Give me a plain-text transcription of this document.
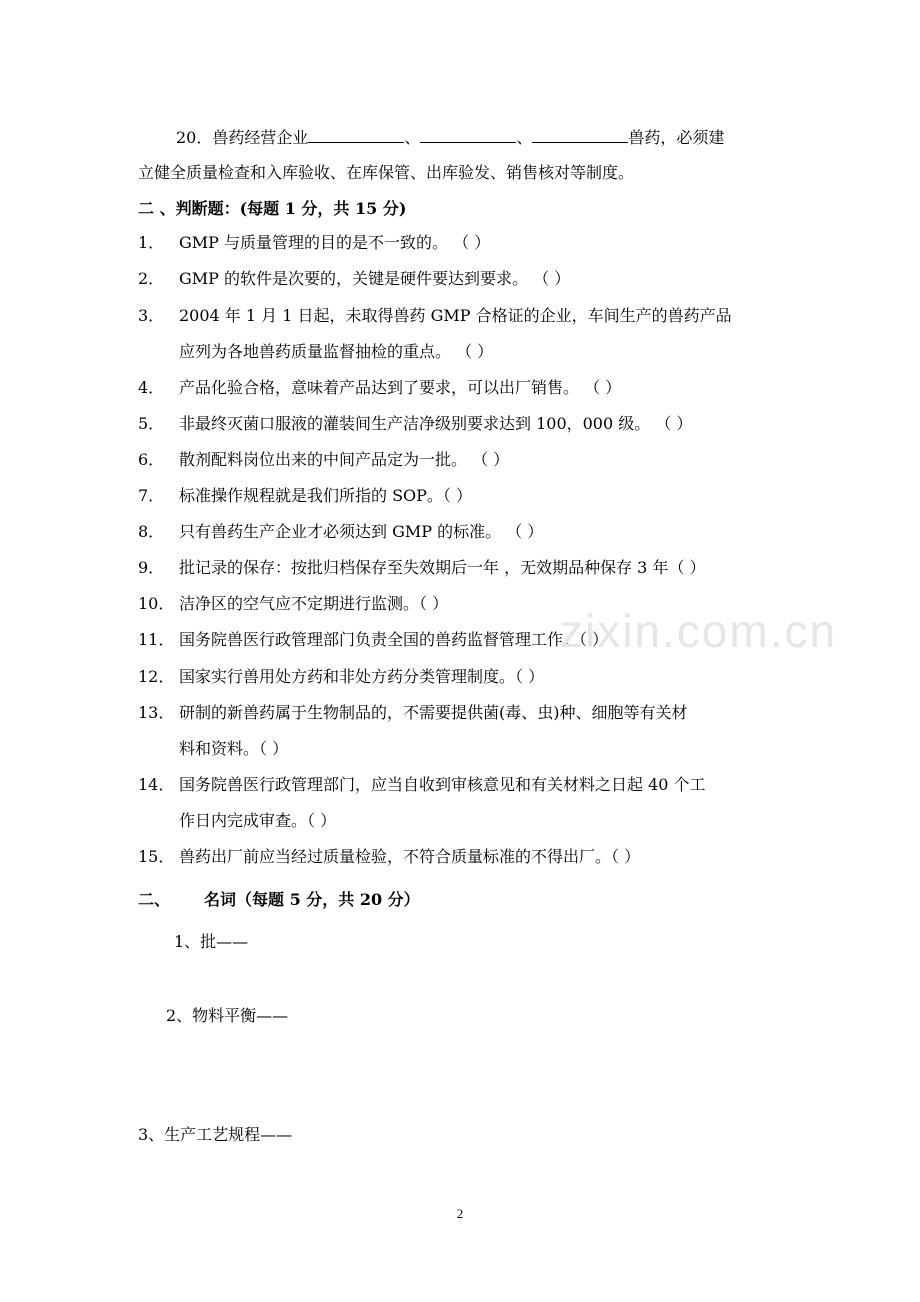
20．兽药经营企业	、	、	兽药，必须建
立健全质量检查和入库验收、在库保管、出库验发、销售核对等制度。
二 、判断题：(每题 1 分，共 15 分)
1． GMP 与质量管理的目的是不一致的。 （ ）
2． GMP 的软件是次要的，关键是硬件要达到要求。 （ ）
3． 2004 年 1 月 1 日起，未取得兽药 GMP 合格证的企业，车间生产的兽药产品
应列为各地兽药质量监督抽检的重点。 （ ）
4． 产品化验合格，意味着产品达到了要求，可以出厂销售。 （ ）
5． 非最终灭菌口服液的灌装间生产洁净级别要求达到 100，000 级。 （ ）
6． 散剂配料岗位出来的中间产品定为一批。 （ ）
7． 标准操作规程就是我们所指的 SOP。（ ）
8． 只有兽药生产企业才必须达到 GMP 的标准。 （ ）
9． 批记录的保存：按批归档保存至失效期后一年 ，无效期品种保存 3 年（ ）
10． 洁净区的空气应不定期进行监测。（ ）
11． 国务院兽医行政管理部门负责全国的兽药监督管理工作。（ ）
12． 国家实行兽用处方药和非处方药分类管理制度。（ ）
13． 研制的新兽药属于生物制品的，不需要提供菌(毒、虫)种、细胞等有关材
料和资料。（ ）
14． 国务院兽医行政管理部门，应当自收到审核意见和有关材料之日起 40 个工
作日内完成审查。（ ）
15． 兽药出厂前应当经过质量检验，不符合质量标准的不得出厂。（ ）
二、 名词（每题 5 分，共 20 分）
1、批——
2、物料平衡——
3、生产工艺规程——
zixin.com.cn
2
